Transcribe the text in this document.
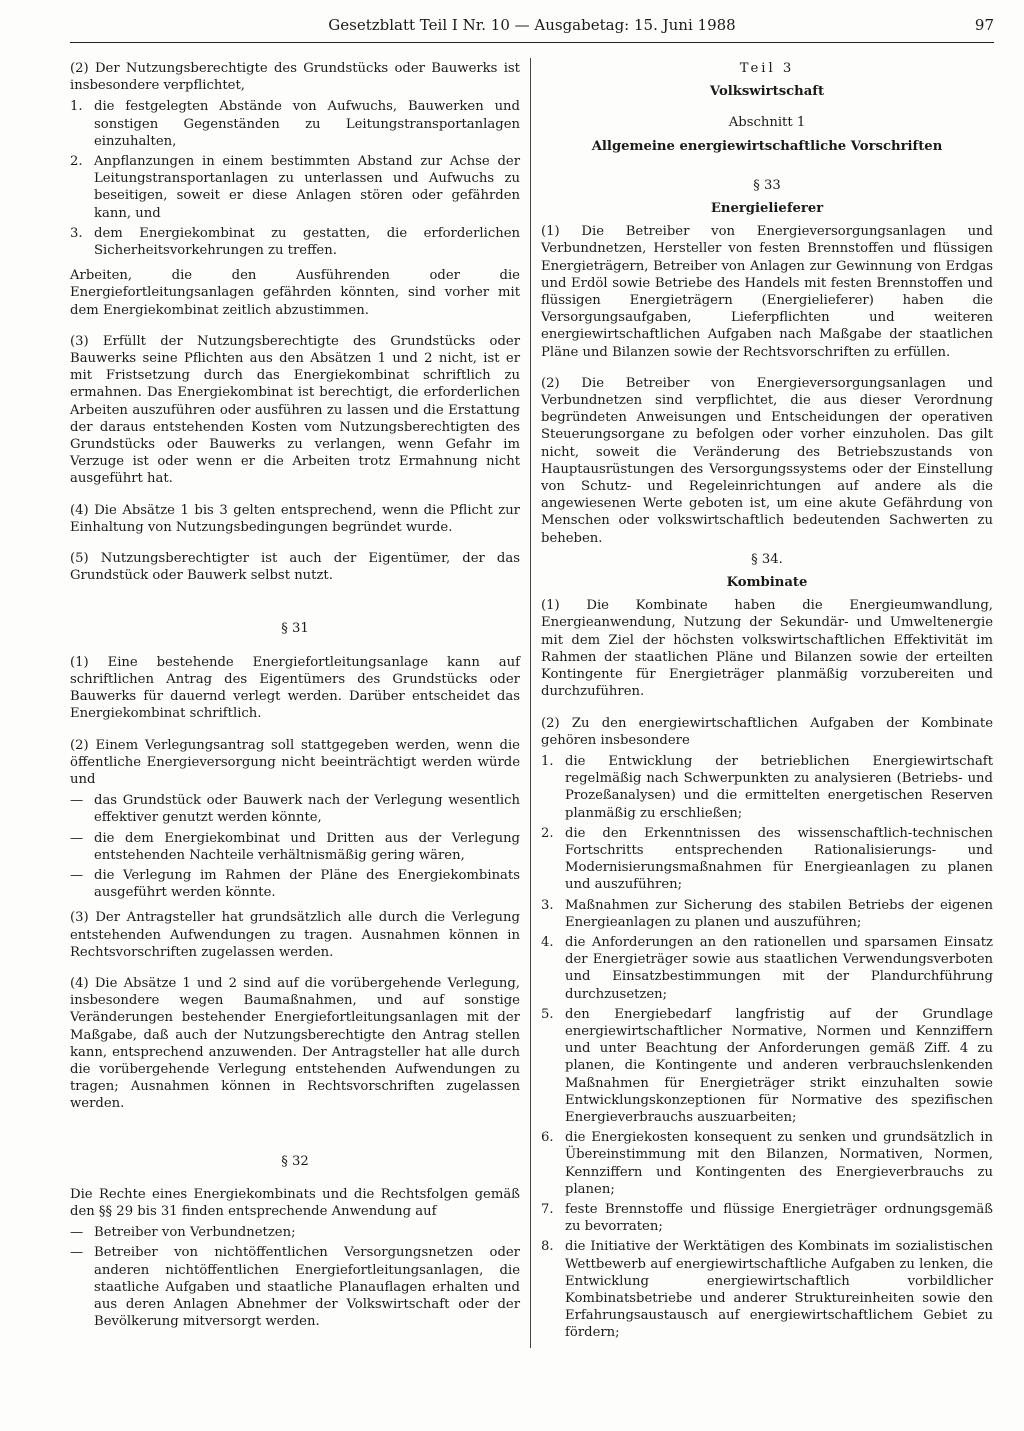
Gesetzblatt Teil I Nr. 10 — Ausgabetag: 15. Juni 1988	97

(2) Der Nutzungsberechtigte des Grundstücks oder Bauwerks ist insbesondere verpflichtet,

1. die festgelegten Abstände von Aufwuchs, Bauwerken und sonstigen Gegenständen zu Leitungstransportanlagen einzuhalten,
2. Anpflanzungen in einem bestimmten Abstand zur Achse der Leitungstransportanlagen zu unterlassen und Aufwuchs zu beseitigen, soweit er diese Anlagen stören oder gefährden kann, und
3. dem Energiekombinat zu gestatten, die erforderlichen Sicherheitsvorkehrungen zu treffen.

Arbeiten, die den Ausführenden oder die Energiefortleitungsanlagen gefährden könnten, sind vorher mit dem Energiekombinat zeitlich abzustimmen.

(3) Erfüllt der Nutzungsberechtigte des Grundstücks oder Bauwerks seine Pflichten aus den Absätzen 1 und 2 nicht, ist er mit Fristsetzung durch das Energiekombinat schriftlich zu ermahnen. Das Energiekombinat ist berechtigt, die erforderlichen Arbeiten auszuführen oder ausführen zu lassen und die Erstattung der daraus entstehenden Kosten vom Nutzungsberechtigten des Grundstücks oder Bauwerks zu verlangen, wenn Gefahr im Verzuge ist oder wenn er die Arbeiten trotz Ermahnung nicht ausgeführt hat.

(4) Die Absätze 1 bis 3 gelten entsprechend, wenn die Pflicht zur Einhaltung von Nutzungsbedingungen begründet wurde.

(5) Nutzungsberechtigter ist auch der Eigentümer, der das Grundstück oder Bauwerk selbst nutzt.

§ 31

(1) Eine bestehende Energiefortleitungsanlage kann auf schriftlichen Antrag des Eigentümers des Grundstücks oder Bauwerks für dauernd verlegt werden. Darüber entscheidet das Energiekombinat schriftlich.

(2) Einem Verlegungsantrag soll stattgegeben werden, wenn die öffentliche Energieversorgung nicht beeinträchtigt werden würde und

— das Grundstück oder Bauwerk nach der Verlegung wesentlich effektiver genutzt werden könnte,
— die dem Energiekombinat und Dritten aus der Verlegung entstehenden Nachteile verhältnismäßig gering wären,
— die Verlegung im Rahmen der Pläne des Energiekombinats ausgeführt werden könnte.

(3) Der Antragsteller hat grundsätzlich alle durch die Verlegung entstehenden Aufwendungen zu tragen. Ausnahmen können in Rechtsvorschriften zugelassen werden.

(4) Die Absätze 1 und 2 sind auf die vorübergehende Verlegung, insbesondere wegen Baumaßnahmen, und auf sonstige Veränderungen bestehender Energiefortleitungsanlagen mit der Maßgabe, daß auch der Nutzungsberechtigte den Antrag stellen kann, entsprechend anzuwenden. Der Antragsteller hat alle durch die vorübergehende Verlegung entstehenden Aufwendungen zu tragen; Ausnahmen können in Rechtsvorschriften zugelassen werden.

§ 32

Die Rechte eines Energiekombinats und die Rechtsfolgen gemäß den §§ 29 bis 31 finden entsprechende Anwendung auf

— Betreiber von Verbundnetzen;
— Betreiber von nichtöffentlichen Versorgungsnetzen oder anderen nichtöffentlichen Energiefortleitungsanlagen, die staatliche Aufgaben und staatliche Planauflagen erhalten und aus deren Anlagen Abnehmer der Volkswirtschaft oder der Bevölkerung mitversorgt werden.

Teil 3

Volkswirtschaft

Abschnitt 1

Allgemeine energiewirtschaftliche Vorschriften

§ 33

Energielieferer

(1) Die Betreiber von Energieversorgungsanlagen und Verbundnetzen, Hersteller von festen Brennstoffen und flüssigen Energieträgern, Betreiber von Anlagen zur Gewinnung von Erdgas und Erdöl sowie Betriebe des Handels mit festen Brennstoffen und flüssigen Energieträgern (Energielieferer) haben die Versorgungsaufgaben, Lieferpflichten und weiteren energiewirtschaftlichen Aufgaben nach Maßgabe der staatlichen Pläne und Bilanzen sowie der Rechtsvorschriften zu erfüllen.

(2) Die Betreiber von Energieversorgungsanlagen und Verbundnetzen sind verpflichtet, die aus dieser Verordnung begründeten Anweisungen und Entscheidungen der operativen Steuerungsorgane zu befolgen oder vorher einzuholen. Das gilt nicht, soweit die Veränderung des Betriebszustands von Hauptausrüstungen des Versorgungssystems oder der Einstellung von Schutz- und Regeleinrichtungen auf andere als die angewiesenen Werte geboten ist, um eine akute Gefährdung von Menschen oder volkswirtschaftlich bedeutenden Sachwerten zu beheben.

§ 34.

Kombinate

(1) Die Kombinate haben die Energieumwandlung, Energieanwendung, Nutzung der Sekundär- und Umweltenergie mit dem Ziel der höchsten volkswirtschaftlichen Effektivität im Rahmen der staatlichen Pläne und Bilanzen sowie der erteilten Kontingente für Energieträger planmäßig vorzubereiten und durchzuführen.

(2) Zu den energiewirtschaftlichen Aufgaben der Kombinate gehören insbesondere

1. die Entwicklung der betrieblichen Energiewirtschaft regelmäßig nach Schwerpunkten zu analysieren (Betriebs- und Prozeßanalysen) und die ermittelten energetischen Reserven planmäßig zu erschließen;
2. die den Erkenntnissen des wissenschaftlich-technischen Fortschritts entsprechenden Rationalisierungs- und Modernisierungsmaßnahmen für Energieanlagen zu planen und auszuführen;
3. Maßnahmen zur Sicherung des stabilen Betriebs der eigenen Energieanlagen zu planen und auszuführen;
4. die Anforderungen an den rationellen und sparsamen Einsatz der Energieträger sowie aus staatlichen Verwendungsverboten und Einsatzbestimmungen mit der Plandurchführung durchzusetzen;
5. den Energiebedarf langfristig auf der Grundlage energiewirtschaftlicher Normative, Normen und Kennziffern und unter Beachtung der Anforderungen gemäß Ziff. 4 zu planen, die Kontingente und anderen verbrauchslenkenden Maßnahmen für Energieträger strikt einzuhalten sowie Entwicklungskonzeptionen für Normative des spezifischen Energieverbrauchs auszuarbeiten;
6. die Energiekosten konsequent zu senken und grundsätzlich in Übereinstimmung mit den Bilanzen, Normativen, Normen, Kennziffern und Kontingenten des Energieverbrauchs zu planen;
7. feste Brennstoffe und flüssige Energieträger ordnungsgemäß zu bevorraten;
8. die Initiative der Werktätigen des Kombinats im sozialistischen Wettbewerb auf energiewirtschaftliche Aufgaben zu lenken, die Entwicklung energiewirtschaftlich vorbildlicher Kombinatsbetriebe und anderer Struktureinheiten sowie den Erfahrungsaustausch auf energiewirtschaftlichem Gebiet zu fördern;
